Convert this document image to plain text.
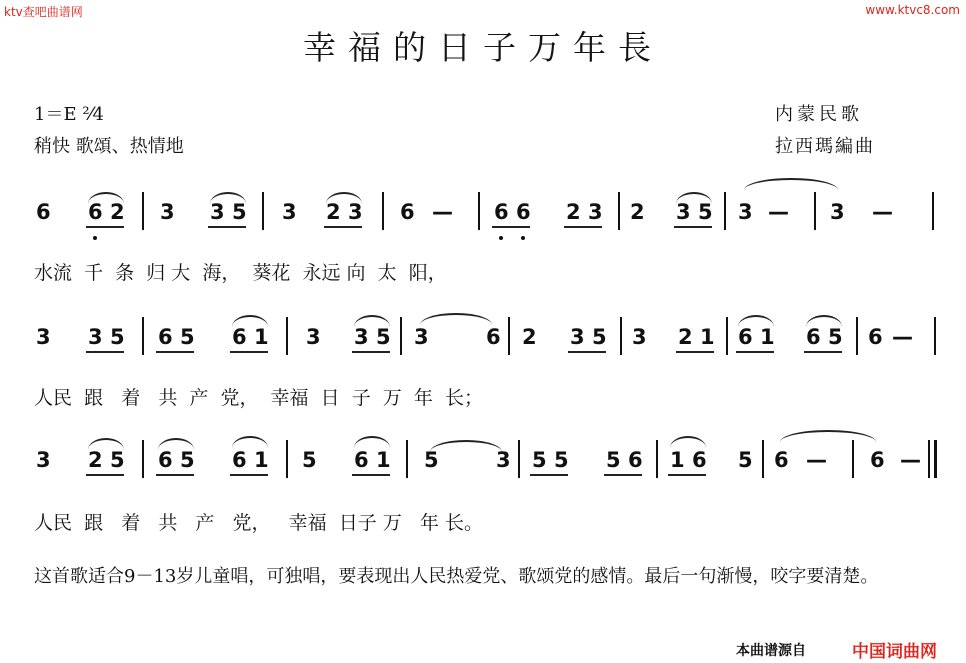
ktv查吧曲谱网	www.ktvc8.com
幸福的日子万年長
1＝E ²⁄4
稍快 歌頌、热情地
内蒙民歌
拉西瑪編曲
6 6 2 3 3 5 3 2 3 6 — 6 6 2 3 2 3 5 3 — 3 —
水流  千  条  归 大  海，  葵花  永远 向  太  阳，
3 3 5 6 5 6 1 3 3 5 3	6 2 3 5 3 2 1 6 1 6 5 6 —
人民  跟   着   共  产  党，  幸福  日  子  万  年  长；
3 2 5 6 5 6 1 5 6 1 5	3 5 5 5 6 1 6 5 6 — 6 —
人民  跟   着   共   产   党，   幸福  日子 万   年 长。
这首歌适合9－13岁儿童唱，可独唱，要表现出人民热爱党、歌颂党的感情。最后一句渐慢，咬字要清楚。
本曲谱源自	中国词曲网
